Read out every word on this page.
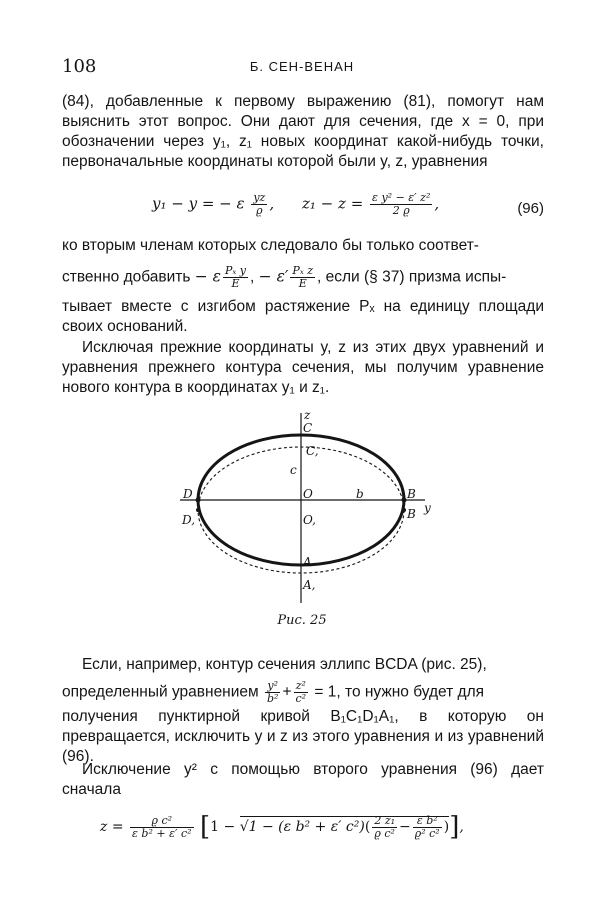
108	Б. СЕН-ВЕНАН
(84), добавленные к первому выражению (81), помогут нам выяснить этот вопрос. Они дают для сечения, где x = 0, при обозначении через y₁, z₁ новых координат какой-нибудь точки, первоначальные координаты которой были y, z, уравнения
y₁ − y = − ε $\frac{yz}{ϱ}$ , $z_1 - z = \frac{\text{ε y² − ε′ z²}}{2 ϱ}$ ,	(96)
ко вторым членам которых следовало бы только соответ-
ственно добавить − ε $\frac{\text{Pₓ y}}{E}$ , − $\varepsilon' \frac{\text{Pₓ z}}{E}$ , если (§ 37) призма испы-
тывает вместе с изгибом растяжение Pₓ на единицу площади своих оснований.
Исключая прежние координаты y, z из этих двух уравнений и уравнения прежнего контура сечения, мы получим уравнение нового контура в координатах y₁ и z₁.
z
y
C
C,
c
D
D,
O
O,
b	B
B
A
A,
Рис. 25
Если, например, контур сечения эллипс BCDA (рис. 25),
определенный уравнением $\frac{\text{y²}}{\text{b²}} + \frac{\text{z²}}{\text{c²}} = 1$, то нужно будет для
получения пунктирной кривой B₁C₁D₁A₁, в которую он превращается, исключить y и z из этого уравнения и из уравнений (96).
Исключение y² с помощью второго уравнения (96) дает сначала
$z = \frac{\text{ϱ c²}}{\text{ε b² + ε′ c²}} [1 - √1 - (\varepsilon$ b² + ε′ $c^2)( \frac{\text{2 z₁}}{\text{ϱ c²}} - \frac{\text{ε b²}}{\text{ϱ² c²}}$ )],
